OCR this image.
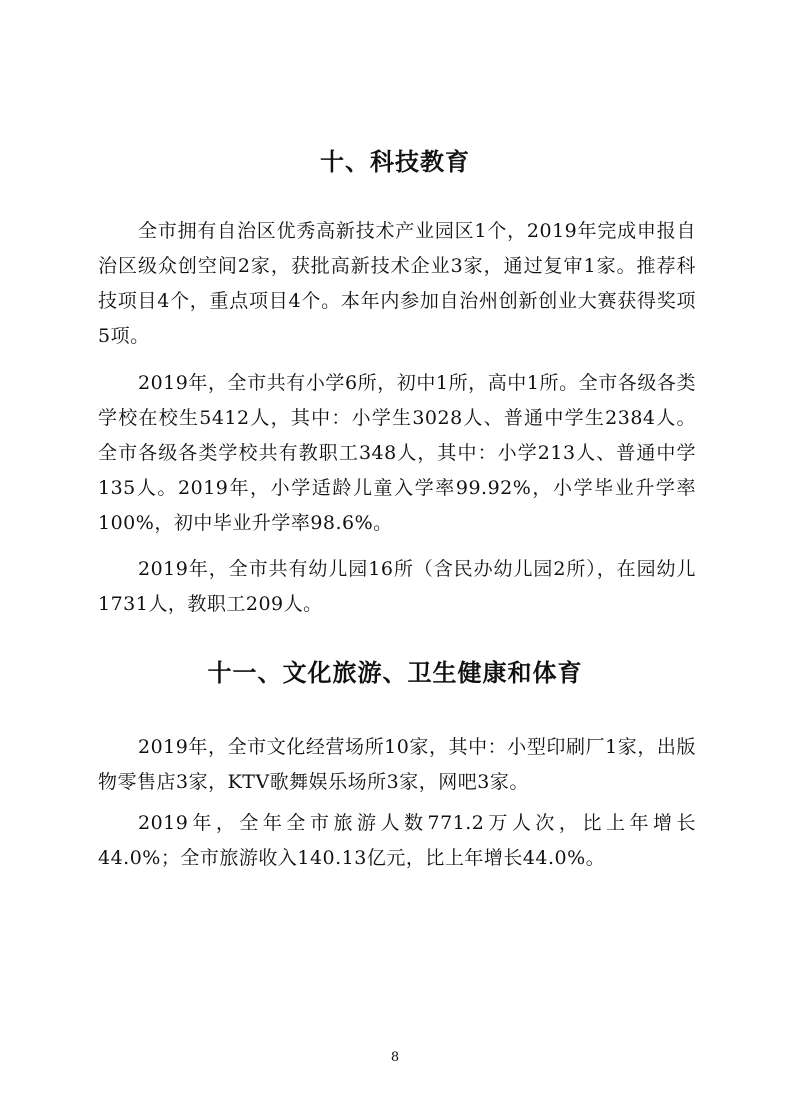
十、科技教育

全市拥有自治区优秀高新技术产业园区1个，2019年完成申报自治区级众创空间2家，获批高新技术企业3家，通过复审1家。推荐科技项目4个，重点项目4个。本年内参加自治州创新创业大赛获得奖项5项。

2019年，全市共有小学6所，初中1所，高中1所。全市各级各类学校在校生5412人，其中：小学生3028人、普通中学生2384人。全市各级各类学校共有教职工348人，其中：小学213人、普通中学135人。2019年，小学适龄儿童入学率99.92%，小学毕业升学率100%，初中毕业升学率98.6%。

2019年，全市共有幼儿园16所（含民办幼儿园2所），在园幼儿1731人，教职工209人。

十一、文化旅游、卫生健康和体育

2019年，全市文化经营场所10家，其中：小型印刷厂1家，出版物零售店3家，KTV歌舞娱乐场所3家，网吧3家。

2019年，全年全市旅游人数771.2万人次，比上年增长44.0%；全市旅游收入140.13亿元，比上年增长44.0%。

8
